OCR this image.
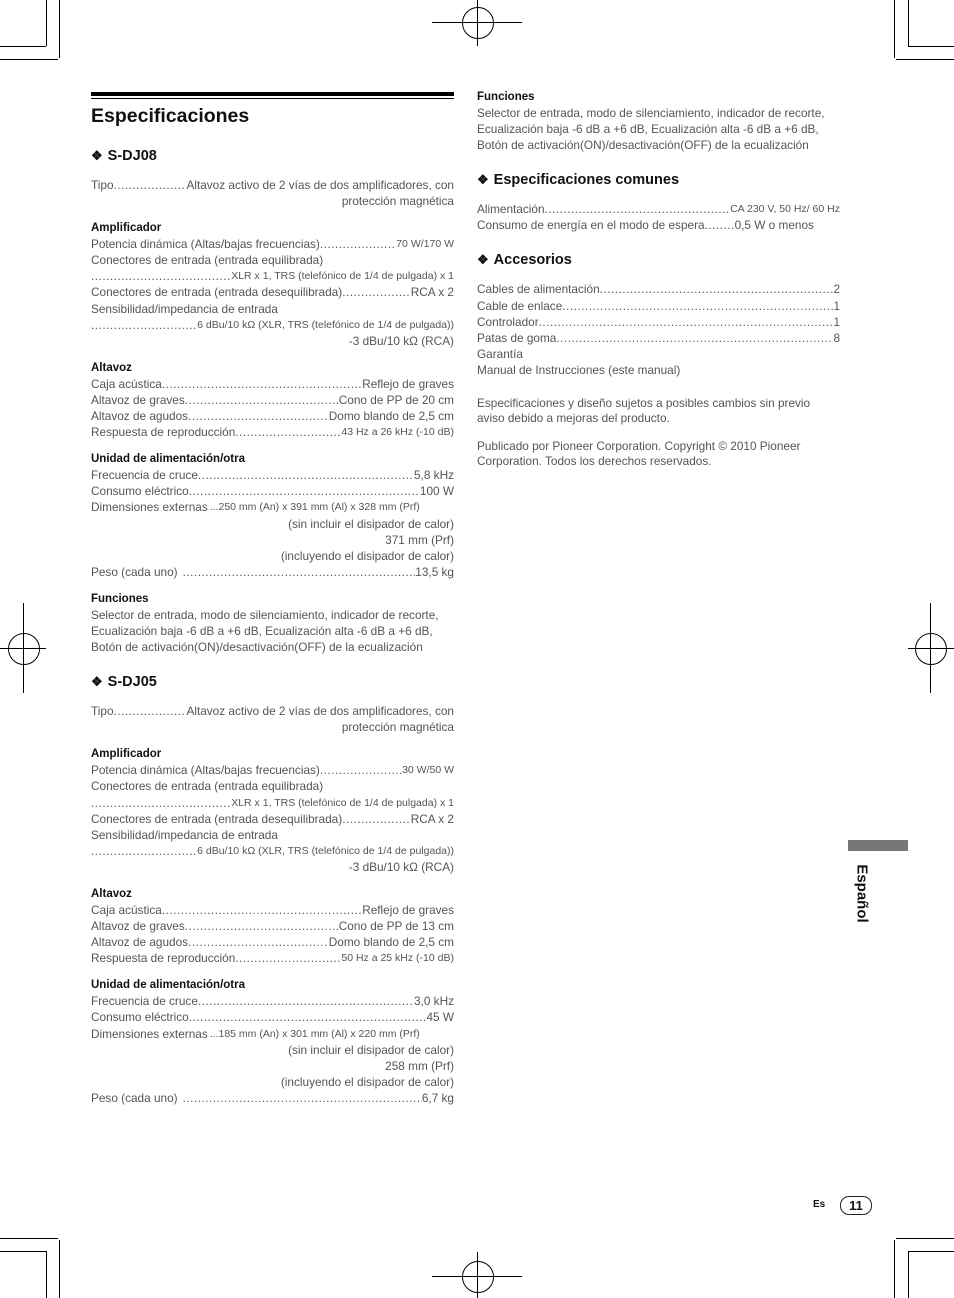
Especificaciones
❖ S-DJ08
Tipo .....	Altavoz activo de 2 vías de dos amplificadores, con
protección magnética
Amplificador
Potencia dinámica (Altas/bajas frecuencias) .....	70 W/170 W
Conectores de entrada (entrada equilibrada)
.....
XLR x 1, TRS (telefónico de 1/4 de pulgada) x 1
Conectores de entrada (entrada desequilibrada) .....	RCA x 2
Sensibilidad/impedancia de entrada
.....
6 dBu/10 kΩ (XLR, TRS (telefónico de 1/4 de pulgada))
-3 dBu/10 kΩ (RCA)
Altavoz
Caja acústica .....	Reflejo de graves
Altavoz de graves .....	Cono de PP de 20 cm
Altavoz de agudos .....	Domo blando de 2,5 cm
Respuesta de reproducción .....	43 Hz a 26 kHz (-10 dB)
Unidad de alimentación/otra
Frecuencia de cruce .....	5,8 kHz
Consumo eléctrico .....	100 W
Dimensiones externas ... 250 mm (An) x 391 mm (Al) x 328 mm (Prf)
(sin incluir el disipador de calor)
371 mm (Prf)
(incluyendo el disipador de calor)
Peso (cada uno) .....	13,5 kg
Funciones
Selector de entrada, modo de silenciamiento, indicador de recorte, Ecualización baja -6 dB a +6 dB, Ecualización alta -6 dB a +6 dB, Botón de activación(ON)/desactivación(OFF) de la ecualización
❖ S-DJ05
Tipo .....	Altavoz activo de 2 vías de dos amplificadores, con
protección magnética
Amplificador
Potencia dinámica (Altas/bajas frecuencias) .....	30 W/50 W
Conectores de entrada (entrada equilibrada)
.....
XLR x 1, TRS (telefónico de 1/4 de pulgada) x 1
Conectores de entrada (entrada desequilibrada) .....	RCA x 2
Sensibilidad/impedancia de entrada
.....
6 dBu/10 kΩ (XLR, TRS (telefónico de 1/4 de pulgada))
-3 dBu/10 kΩ (RCA)
Altavoz
Caja acústica .....	Reflejo de graves
Altavoz de graves .....	Cono de PP de 13 cm
Altavoz de agudos .....	Domo blando de 2,5 cm
Respuesta de reproducción .....	50 Hz a 25 kHz (-10 dB)
Unidad de alimentación/otra
Frecuencia de cruce .....	3,0 kHz
Consumo eléctrico .....	45 W
Dimensiones externas ... 185 mm (An) x 301 mm (Al) x 220 mm (Prf)
(sin incluir el disipador de calor)
258 mm (Prf)
(incluyendo el disipador de calor)
Peso (cada uno) .....	6,7 kg
Funciones
Selector de entrada, modo de silenciamiento, indicador de recorte, Ecualización baja -6 dB a +6 dB, Ecualización alta -6 dB a +6 dB, Botón de activación(ON)/desactivación(OFF) de la ecualización
❖ Especificaciones comunes
Alimentación .....	CA 230 V, 50 Hz/ 60 Hz
Consumo de energía en el modo de espera .....	0,5 W o menos
❖ Accesorios
Cables de alimentación .....	2
Cable de enlace .....	1
Controlador .....	1
Patas de goma .....	8
Garantía
Manual de Instrucciones (este manual)
Especificaciones y diseño sujetos a posibles cambios sin previo aviso debido a mejoras del producto.
Publicado por Pioneer Corporation. Copyright © 2010 Pioneer Corporation. Todos los derechos reservados.
Español
Es	11
